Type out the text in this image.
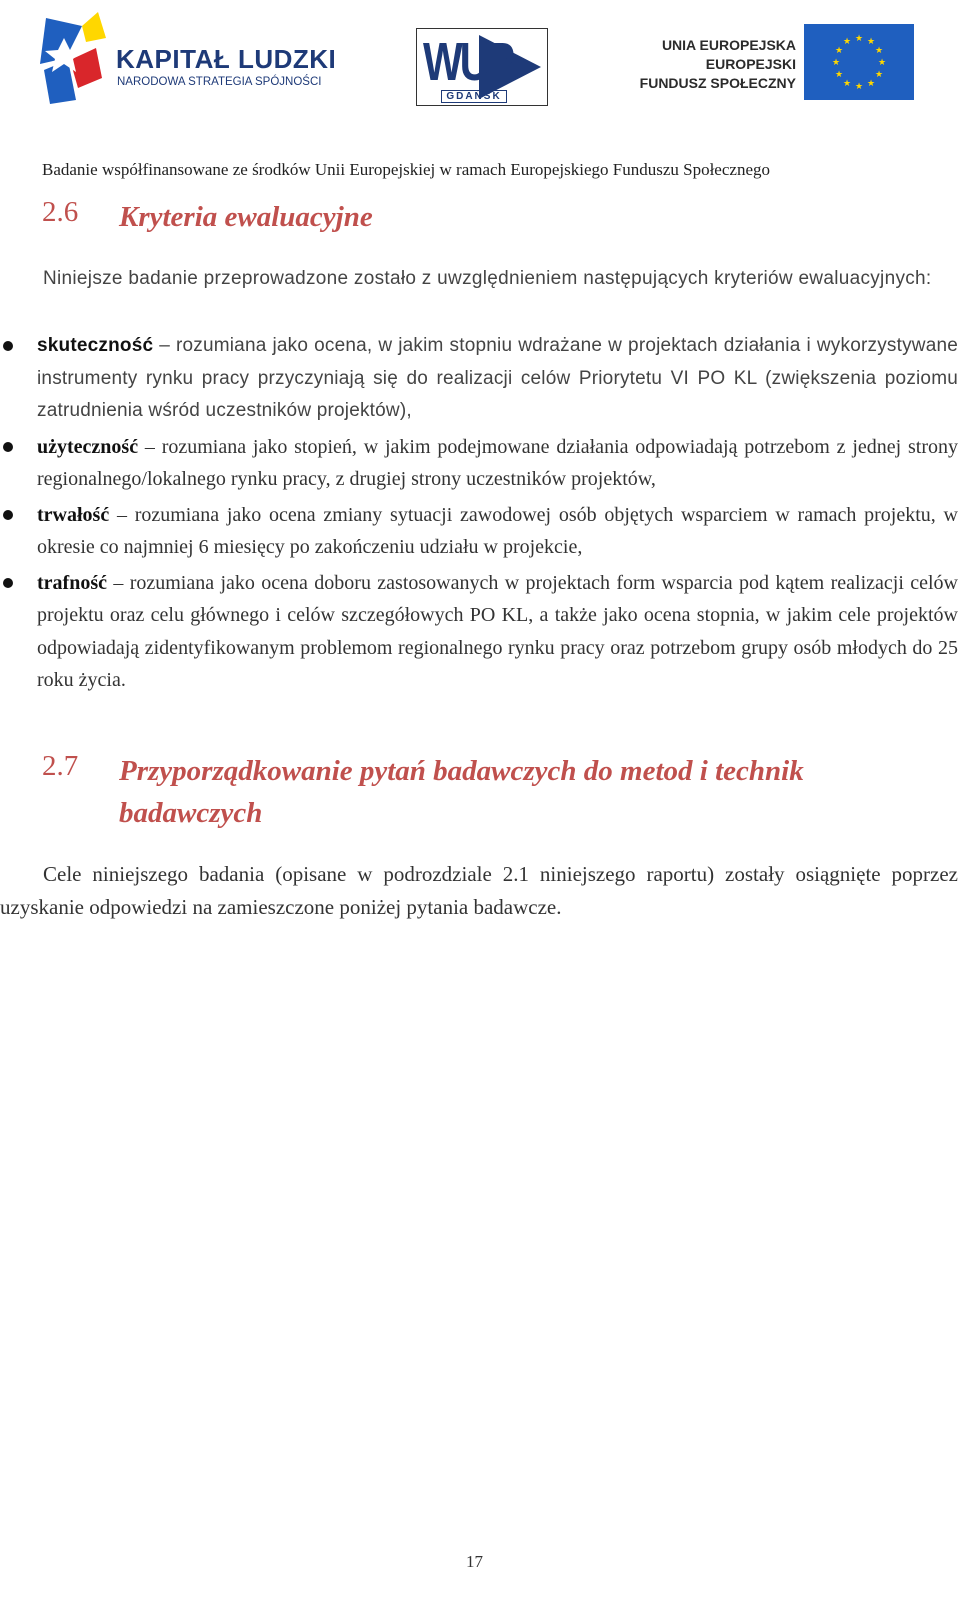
KAPITAŁ LUDZKI
NARODOWA STRATEGIA SPÓJNOŚCI WUP
GDAŃSK
UNIA EUROPEJSKA
EUROPEJSKI
FUNDUSZ SPOŁECZNY
★ ★
★
★
★
★
★
★
★
★
★
★
Badanie współfinansowane ze środków Unii Europejskiej w ramach Europejskiego Funduszu Społecznego
2.6 Kryteria ewaluacyjne
Niniejsze badanie przeprowadzone zostało z uwzględnieniem następujących kryteriów ewaluacyjnych:
skuteczność – rozumiana jako ocena, w jakim stopniu wdrażane w projektach działania i wykorzystywane instrumenty rynku pracy przyczyniają się do realizacji celów Priorytetu VI PO KL (zwiększenia poziomu zatrudnienia wśród uczestników projektów),
użyteczność – rozumiana jako stopień, w jakim podejmowane działania odpowiadają potrzebom z jednej strony regionalnego/lokalnego rynku pracy, z drugiej strony uczestników projektów,
trwałość – rozumiana jako ocena zmiany sytuacji zawodowej osób objętych wsparciem w ramach projektu, w okresie co najmniej 6 miesięcy po zakończeniu udziału w projekcie,
trafność – rozumiana jako ocena doboru zastosowanych w projektach form wsparcia pod kątem realizacji celów projektu oraz celu głównego i celów szczegółowych PO KL, a także jako ocena stopnia, w jakim cele projektów odpowiadają zidentyfikowanym problemom regionalnego rynku pracy oraz potrzebom grupy osób młodych do 25 roku życia.
2.7 Przyporządkowanie pytań badawczych do metod i technik badawczych
Cele niniejszego badania (opisane w podrozdziale 2.1 niniejszego raportu) zostały osiągnięte poprzez uzyskanie odpowiedzi na zamieszczone poniżej pytania badawcze.
17
